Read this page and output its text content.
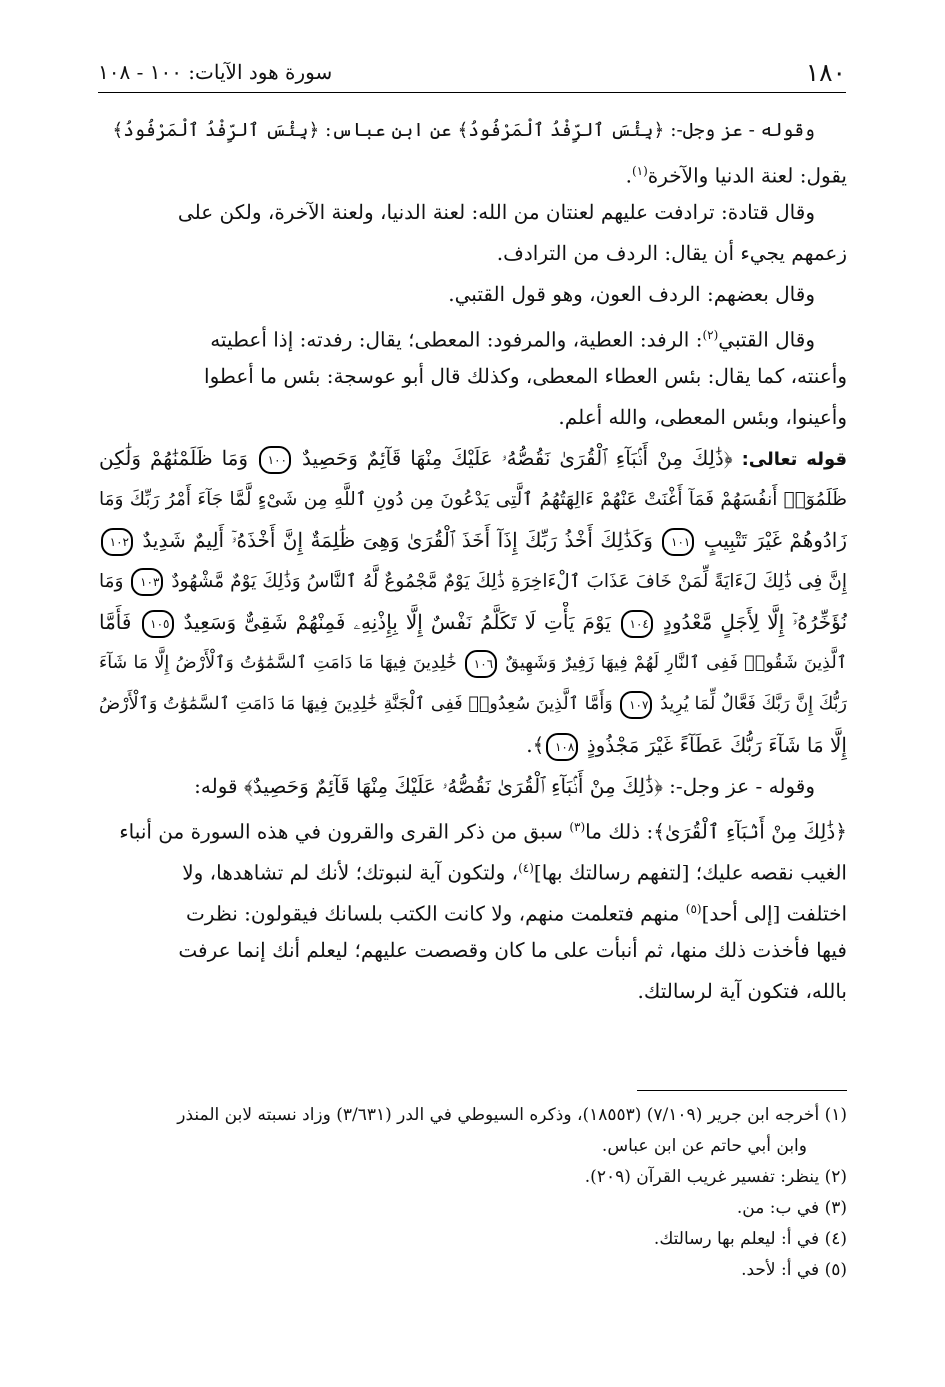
١٨٠
سورة هود الآيات: ١٠٠ - ١٠٨
وقوله - عز وجل-: ﴿بِئْسَ ٱلرِّفْدُ ٱلْمَرْفُودُ﴾ عن ابن عباس: ﴿بِئْسَ ٱلرِّفْدُ ٱلْمَرْفُودُ﴾
يقول: لعنة الدنيا والآخرة$^{(١)}$.
وقال قتادة: ترادفت عليهم لعنتان من الله: لعنة الدنيا، ولعنة الآخرة، ولكن على
زعمهم يجيء أن يقال: الردف من الترادف.
وقال بعضهم: الردف العون، وهو قول القتبي.
وقال القتبي$^{(٢)}$: الرفد: العطية، والمرفود: المعطى؛ يقال: رفدته: إذا أعطيته
وأعنته، كما يقال: بئس العطاء المعطى، وكذلك قال أبو عوسجة: بئس ما أعطوا
وأعينوا، وبئس المعطى، والله أعلم.
قوله تعالى: ﴿ذَٰلِكَ مِنْ أَنۢبَآءِ ٱلْقُرَىٰ نَقُصُّهُۥ عَلَيْكَ مِنْهَا قَآئِمٌ وَحَصِيدٌ ١٠٠ وَمَا ظَلَمْنَٰهُمْ وَلَٰكِن
ظَلَمُوٓا۟ أَنفُسَهُمْ فَمَآ أَغْنَتْ عَنْهُمْ ءَالِهَتُهُمُ ٱلَّتِى يَدْعُونَ مِن دُونِ ٱللَّهِ مِن شَىْءٍ لَّمَّا جَآءَ أَمْرُ رَبِّكَ وَمَا
زَادُوهُمْ غَيْرَ تَتْبِيبٍ ١٠١ وَكَذَٰلِكَ أَخْذُ رَبِّكَ إِذَآ أَخَذَ ٱلْقُرَىٰ وَهِىَ ظَٰلِمَةٌ إِنَّ أَخْذَهُۥٓ أَلِيمٌ شَدِيدٌ ١٠٢
إِنَّ فِى ذَٰلِكَ لَءَايَةً لِّمَنْ خَافَ عَذَابَ ٱلْءَاخِرَةِ ذَٰلِكَ يَوْمٌ مَّجْمُوعٌ لَّهُ ٱلنَّاسُ وَذَٰلِكَ يَوْمٌ مَّشْهُودٌ ١٠٣ وَمَا
نُؤَخِّرُهُۥٓ إِلَّا لِأَجَلٍ مَّعْدُودٍ ١٠٤ يَوْمَ يَأْتِ لَا تَكَلَّمُ نَفْسٌ إِلَّا بِإِذْنِهِۦ فَمِنْهُمْ شَقِىٌّ وَسَعِيدٌ ١٠٥ فَأَمَّا
ٱلَّذِينَ شَقُوا۟ فَفِى ٱلنَّارِ لَهُمْ فِيهَا زَفِيرٌ وَشَهِيقٌ ١٠٦ خَٰلِدِينَ فِيهَا مَا دَامَتِ ٱلسَّمَٰوَٰتُ وَٱلْأَرْضُ إِلَّا مَا شَآءَ
رَبُّكَ إِنَّ رَبَّكَ فَعَّالٌ لِّمَا يُرِيدُ ١٠٧ وَأَمَّا ٱلَّذِينَ سُعِدُوا۟ فَفِى ٱلْجَنَّةِ خَٰلِدِينَ فِيهَا مَا دَامَتِ ٱلسَّمَٰوَٰتُ وَٱلْأَرْضُ
إِلَّا مَا شَآءَ رَبُّكَ عَطَآءً غَيْرَ مَجْذُوذٍ ١٠٨﴾.
وقوله - عز وجل-: ﴿ذَٰلِكَ مِنْ أَنۢبَآءِ ٱلْقُرَىٰ نَقُصُّهُۥ عَلَيْكَ مِنْهَا قَآئِمٌ وَحَصِيدٌ﴾ قوله:
﴿ذَٰلِكَ مِنْ أَنۢبَآءِ ٱلْقُرَىٰ﴾: ذلك ما$^{(٣)}$ سبق من ذكر القرى والقرون في هذه السورة من أنباء
الغيب نقصه عليك؛ [لتفهم رسالتك بها]$^{(٤)}$، ولتكون آية لنبوتك؛ لأنك لم تشاهدها، ولا
اختلفت [إلى أحد]$^{(٥)}$ منهم فتعلمت منهم، ولا كانت الكتب بلسانك فيقولون: نظرت
فيها فأخذت ذلك منها، ثم أنبأت على ما كان وقصصت عليهم؛ ليعلم أنك إنما عرفت
بالله، فتكون آية لرسالتك.
(١) أخرجه ابن جرير (٧/١٠٩) (١٨٥٥٣)، وذكره السيوطي في الدر (٣/٦٣١) وزاد نسبته لابن المنذر
وابن أبي حاتم عن ابن عباس.
(٢) ينظر: تفسير غريب القرآن (٢٠٩).
(٣) في ب: من.
(٤) في أ: ليعلم بها رسالتك.
(٥) في أ: لأحد.
